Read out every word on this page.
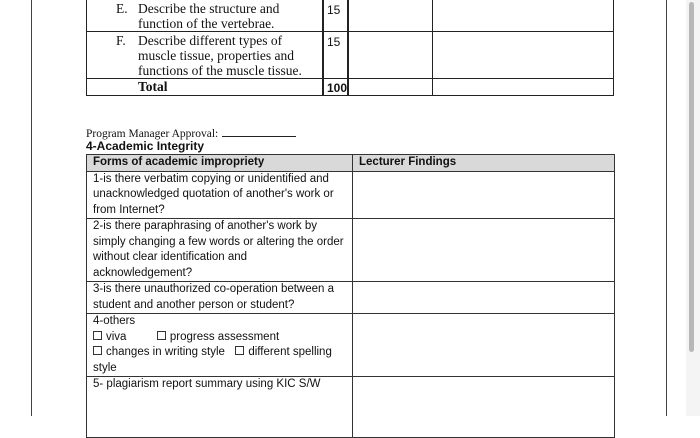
E. Describe the structure and
function of the vertebrae.
15
F. Describe different types of
muscle tissue, properties and
functions of the muscle tissue.
15
Total	100
Program Manager Approval:
4-Academic Integrity
Forms of academic impropriety	Lecturer Findings
1-is there verbatim copying or unidentified and unacknowledged quotation of another's work or from Internet?	
2-is there paraphrasing of another's work by simply changing a few words or altering the order without clear identification and acknowledgement?	
3-is there unauthorized co-operation between a student and another person or student?	

4-others
viva progress assessment
changes in writing style different spelling
style	

5- plagiarism report summary using KIC S/W	
